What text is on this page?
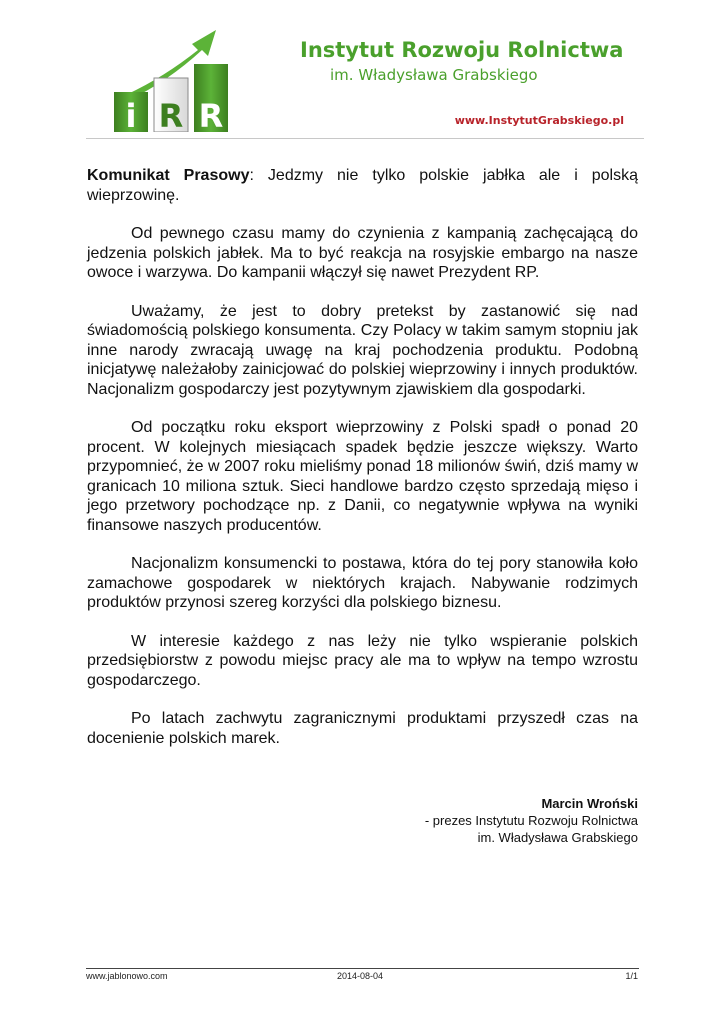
i R R

Instytut Rozwoju Rolnictwa

im. Władysława Grabskiego

www.InstytutGrabskiego.pl

Komunikat Prasowy: Jedzmy nie tylko polskie jabłka ale i polską wieprzowinę.

Od pewnego czasu mamy do czynienia z kampanią zachęcającą do jedzenia polskich jabłek. Ma to być reakcja na rosyjskie embargo na nasze owoce i warzywa. Do kampanii włączył się nawet Prezydent RP.

Uważamy, że jest to dobry pretekst by zastanowić się nad świadomością polskiego konsumenta. Czy Polacy w takim samym stopniu jak inne narody zwracają uwagę na kraj pochodzenia produktu. Podobną inicjatywę należałoby zainicjować do polskiej wieprzowiny i innych produktów. Nacjonalizm gospodarczy jest pozytywnym zjawiskiem dla gospodarki.

Od początku roku eksport wieprzowiny z Polski spadł o ponad 20 procent. W kolejnych miesiącach spadek będzie jeszcze większy. Warto przypomnieć, że w 2007 roku mieliśmy ponad 18 milionów świń, dziś mamy w granicach 10 miliona sztuk. Sieci handlowe bardzo często sprzedają mięso i jego przetwory pochodzące np. z Danii, co negatywnie wpływa na wyniki finansowe naszych producentów.

Nacjonalizm konsumencki to postawa, która do tej pory stanowiła koło zamachowe gospodarek w niektórych krajach. Nabywanie rodzimych produktów przynosi szereg korzyści dla polskiego biznesu.

W interesie każdego z nas leży nie tylko wspieranie polskich przedsiębiorstw z powodu miejsc pracy ale ma to wpływ na tempo wzrostu gospodarczego.

Po latach zachwytu zagranicznymi produktami przyszedł czas na docenienie polskich marek.

Marcin Wroński
- prezes Instytutu Rozwoju Rolnictwa
im. Władysława Grabskiego
www.jablonowo.com	2014-08-04	1/1
